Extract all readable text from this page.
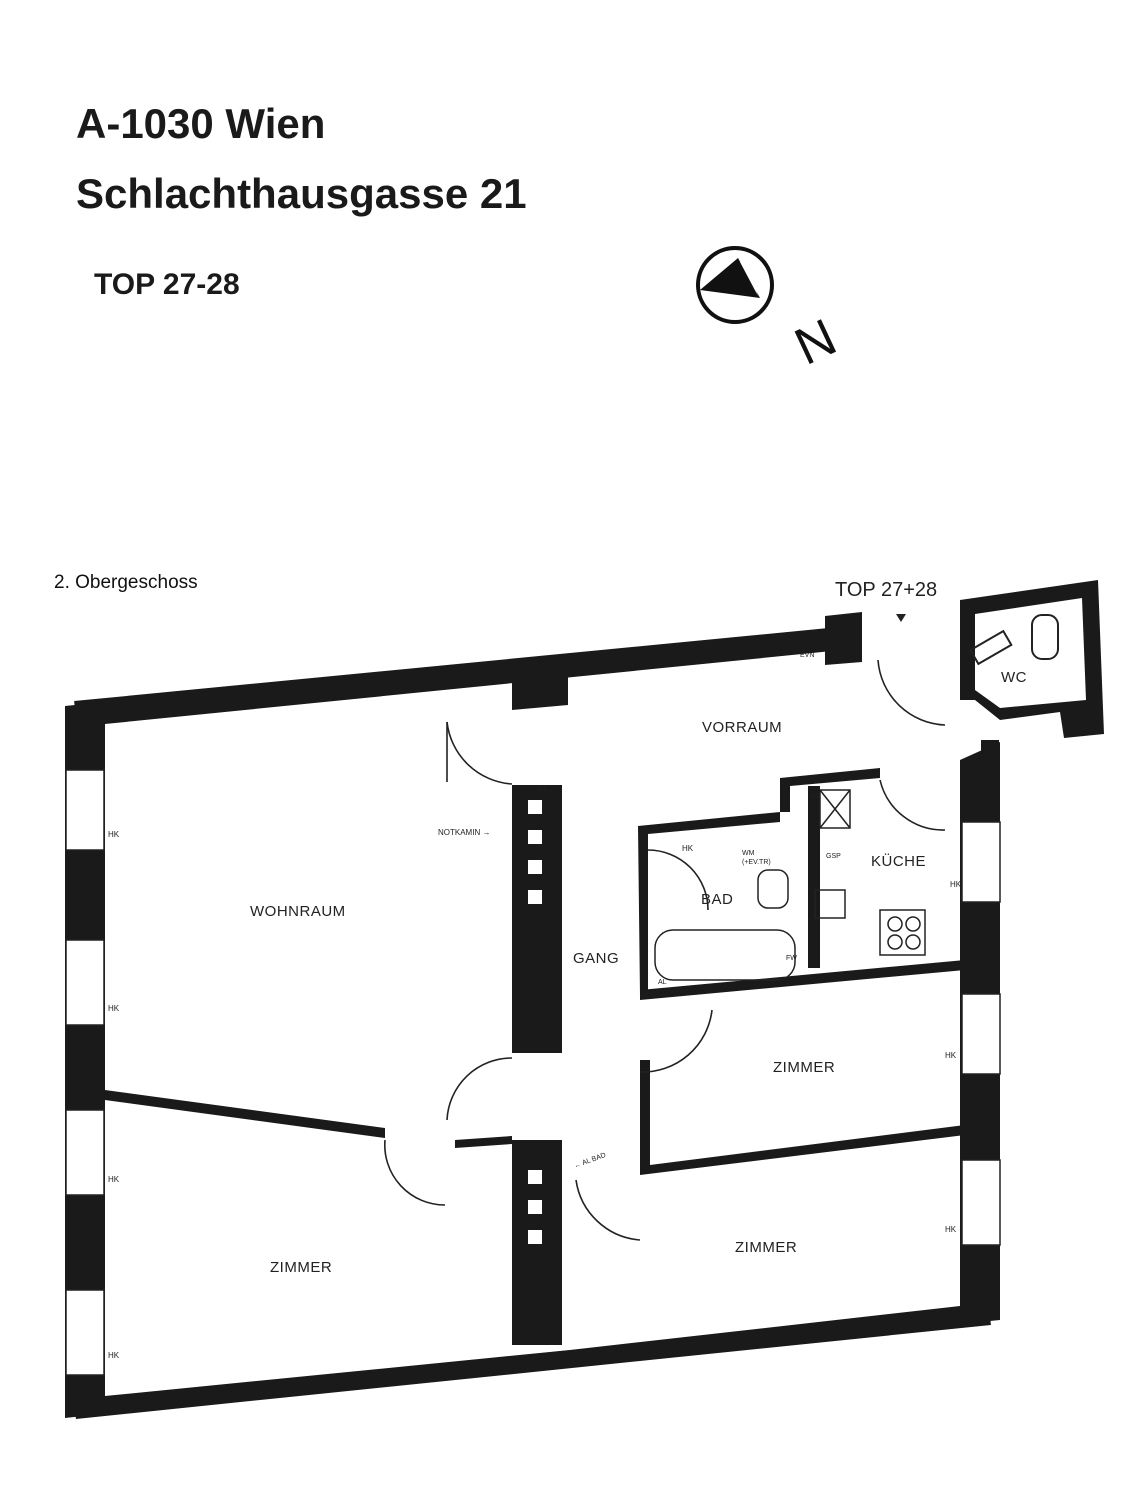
A-1030 Wien
Schlachthausgasse 21
TOP 27-28
2. Obergeschoss
N
WOHNRAUM
VORRAUM
GANG
BAD
KÜCHE
WC
ZIMMER
ZIMMER
ZIMMER
TOP 27+28
NOTKAMIN →
PT
EVN
HK
HK
HK
HK
HK
HK
HK
HK
XS
GSP
WM
(+EV.TR)
FW
AL
← AL BAD
